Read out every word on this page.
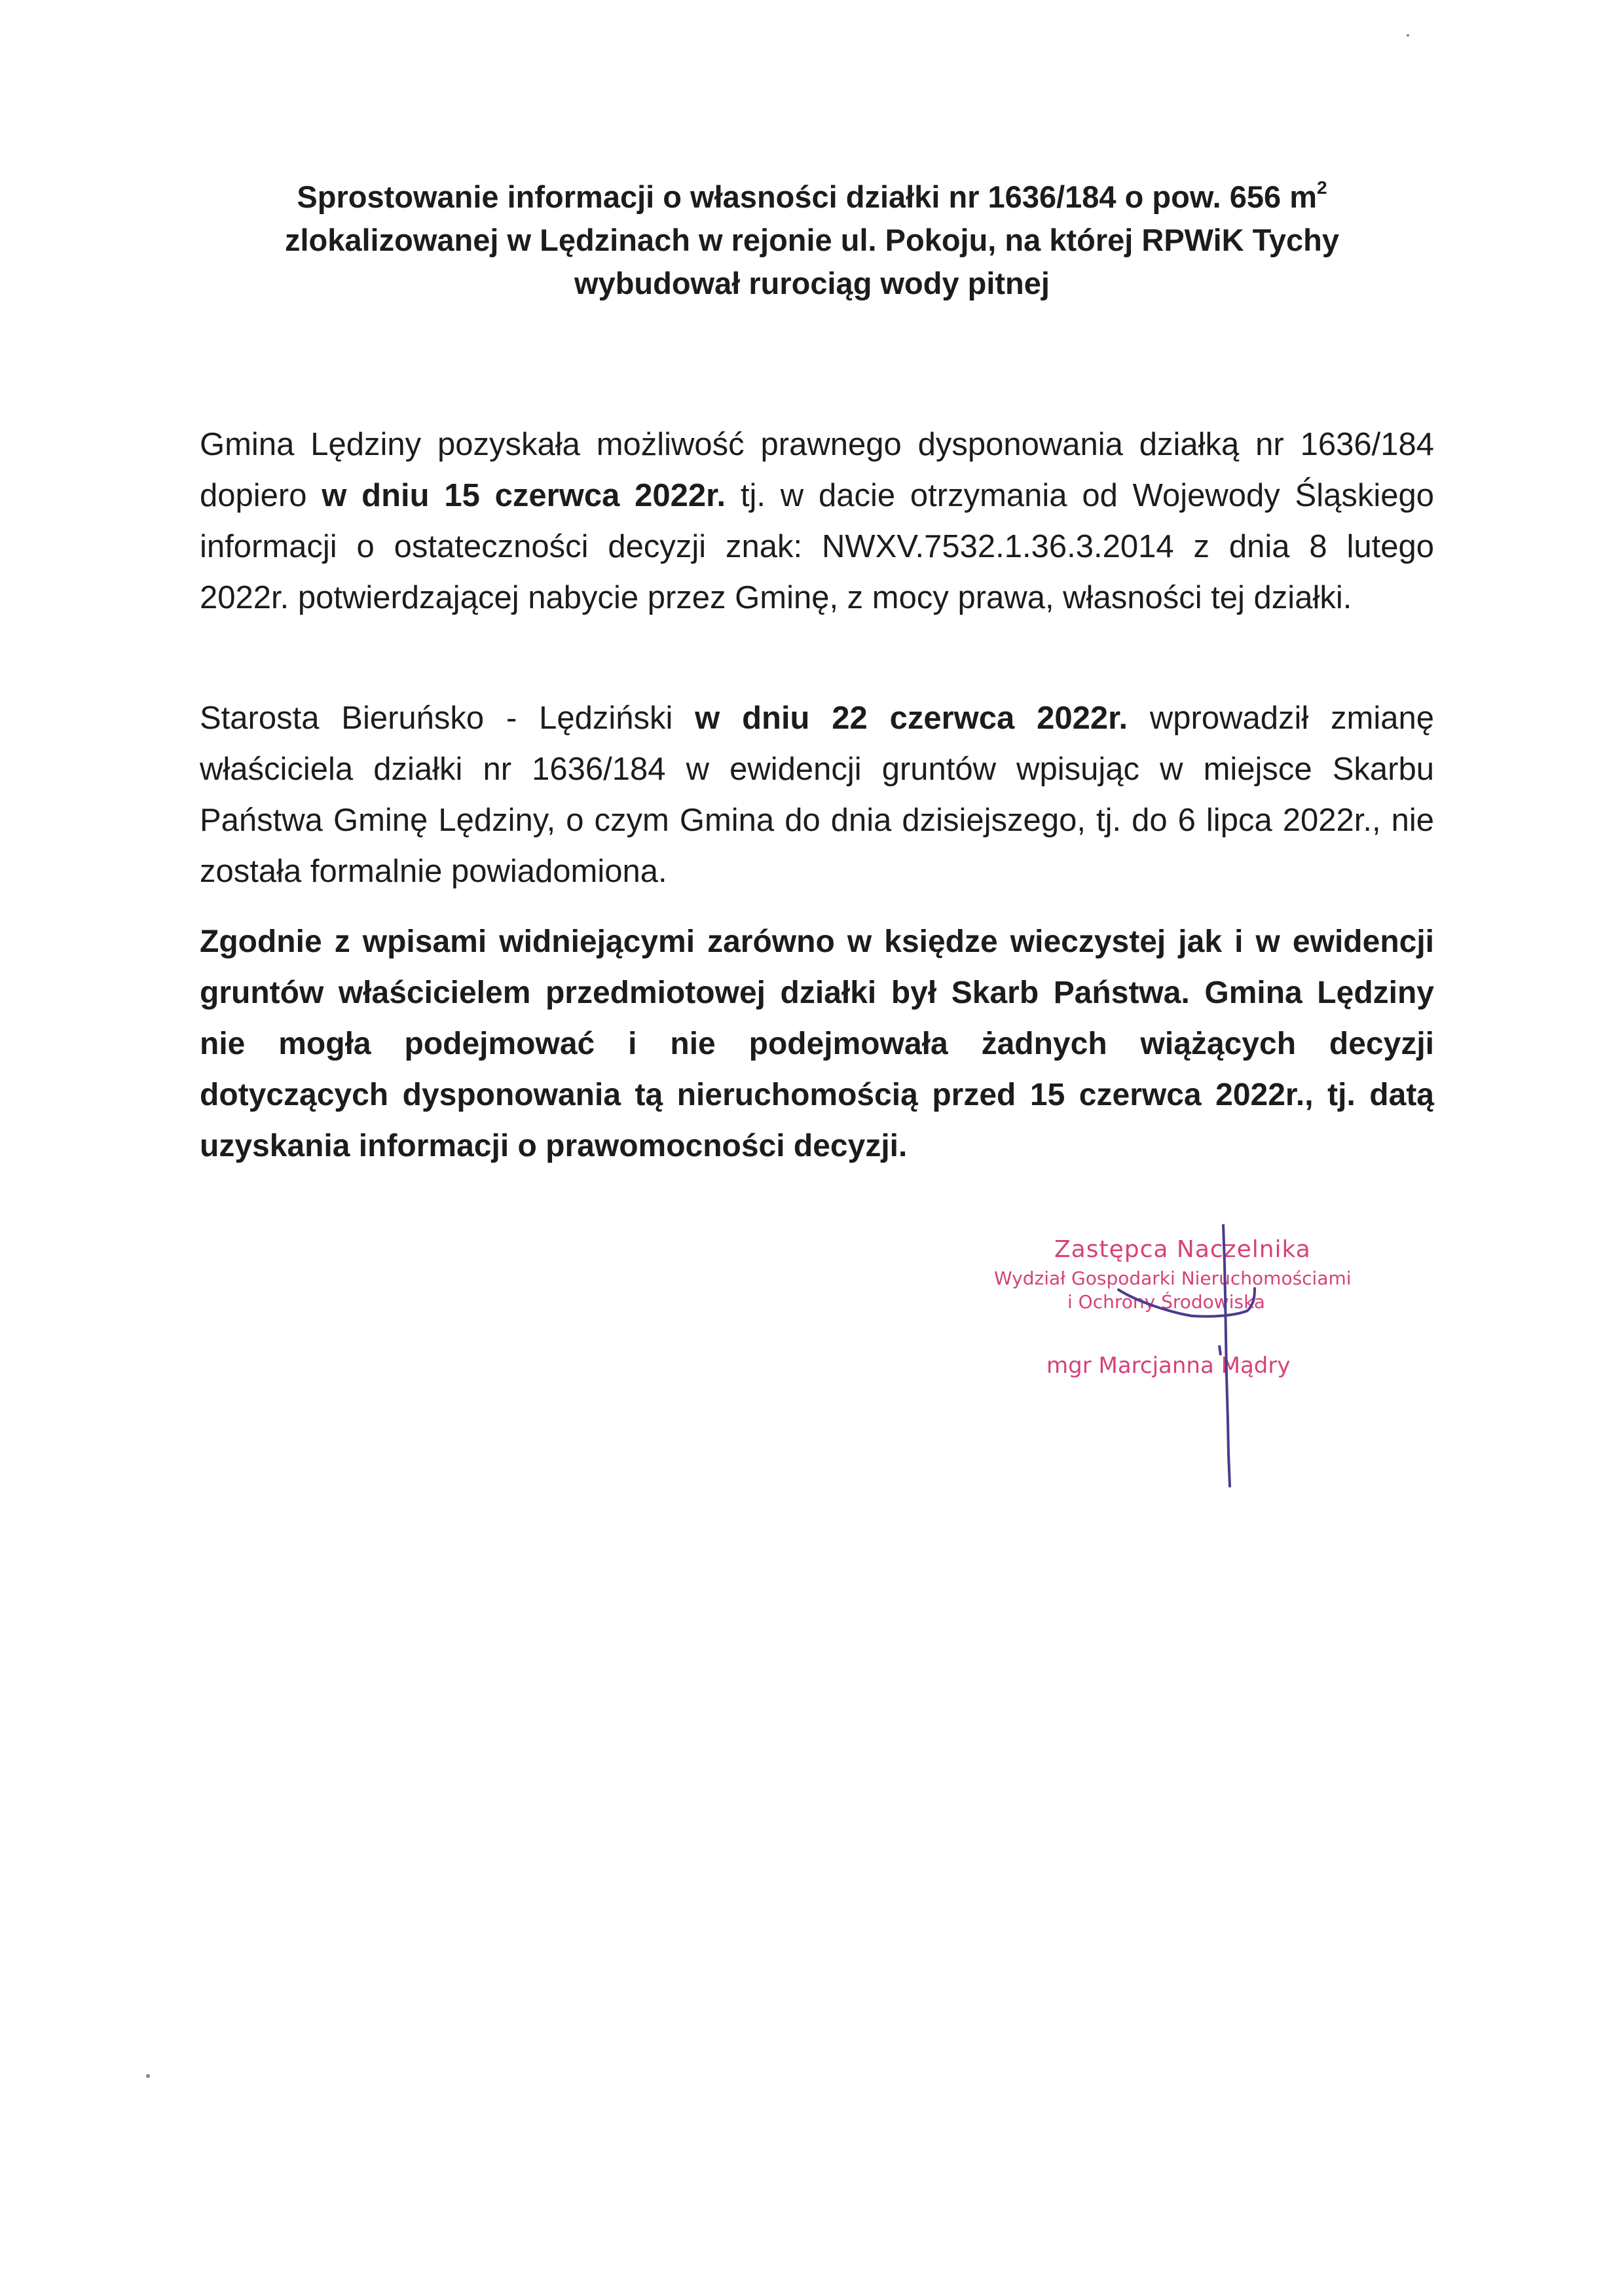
Sprostowanie informacji o własności działki nr 1636/184 o pow. 656 $m^2$
zlokalizowanej w Lędzinach w rejonie ul. Pokoju, na której RPWiK Tychy
wybudował rurociąg wody pitnej
Gmina Lędziny pozyskała możliwość prawnego dysponowania działką nr 1636/184 dopiero w dniu 15 czerwca 2022r. tj. w dacie otrzymania od Wojewody Śląskiego informacji o ostateczności decyzji znak: NWXV.7532.1.36.3.2014 z dnia 8 lutego 2022r. potwierdzającej nabycie przez Gminę, z mocy prawa, własności tej działki.
Starosta Bieruńsko - Lędziński w dniu 22 czerwca 2022r. wprowadził zmianę właściciela działki nr 1636/184 w ewidencji gruntów wpisując w miejsce Skarbu Państwa Gminę Lędziny, o czym Gmina do dnia dzisiejszego, tj. do 6 lipca 2022r., nie została formalnie powiadomiona.
Zgodnie z wpisami widniejącymi zarówno w księdze wieczystej jak i w ewidencji gruntów właścicielem przedmiotowej działki był Skarb Państwa. Gmina Lędziny nie mogła podejmować i nie podejmowała żadnych wiążących decyzji dotyczących dysponowania tą nieruchomością przed 15 czerwca 2022r., tj. datą uzyskania informacji o prawomocności decyzji.
Zastępca Naczelnika
Wydział Gospodarki Nieruchomościami
i Ochrony Środowiska
mgr Marcjanna Mądry
